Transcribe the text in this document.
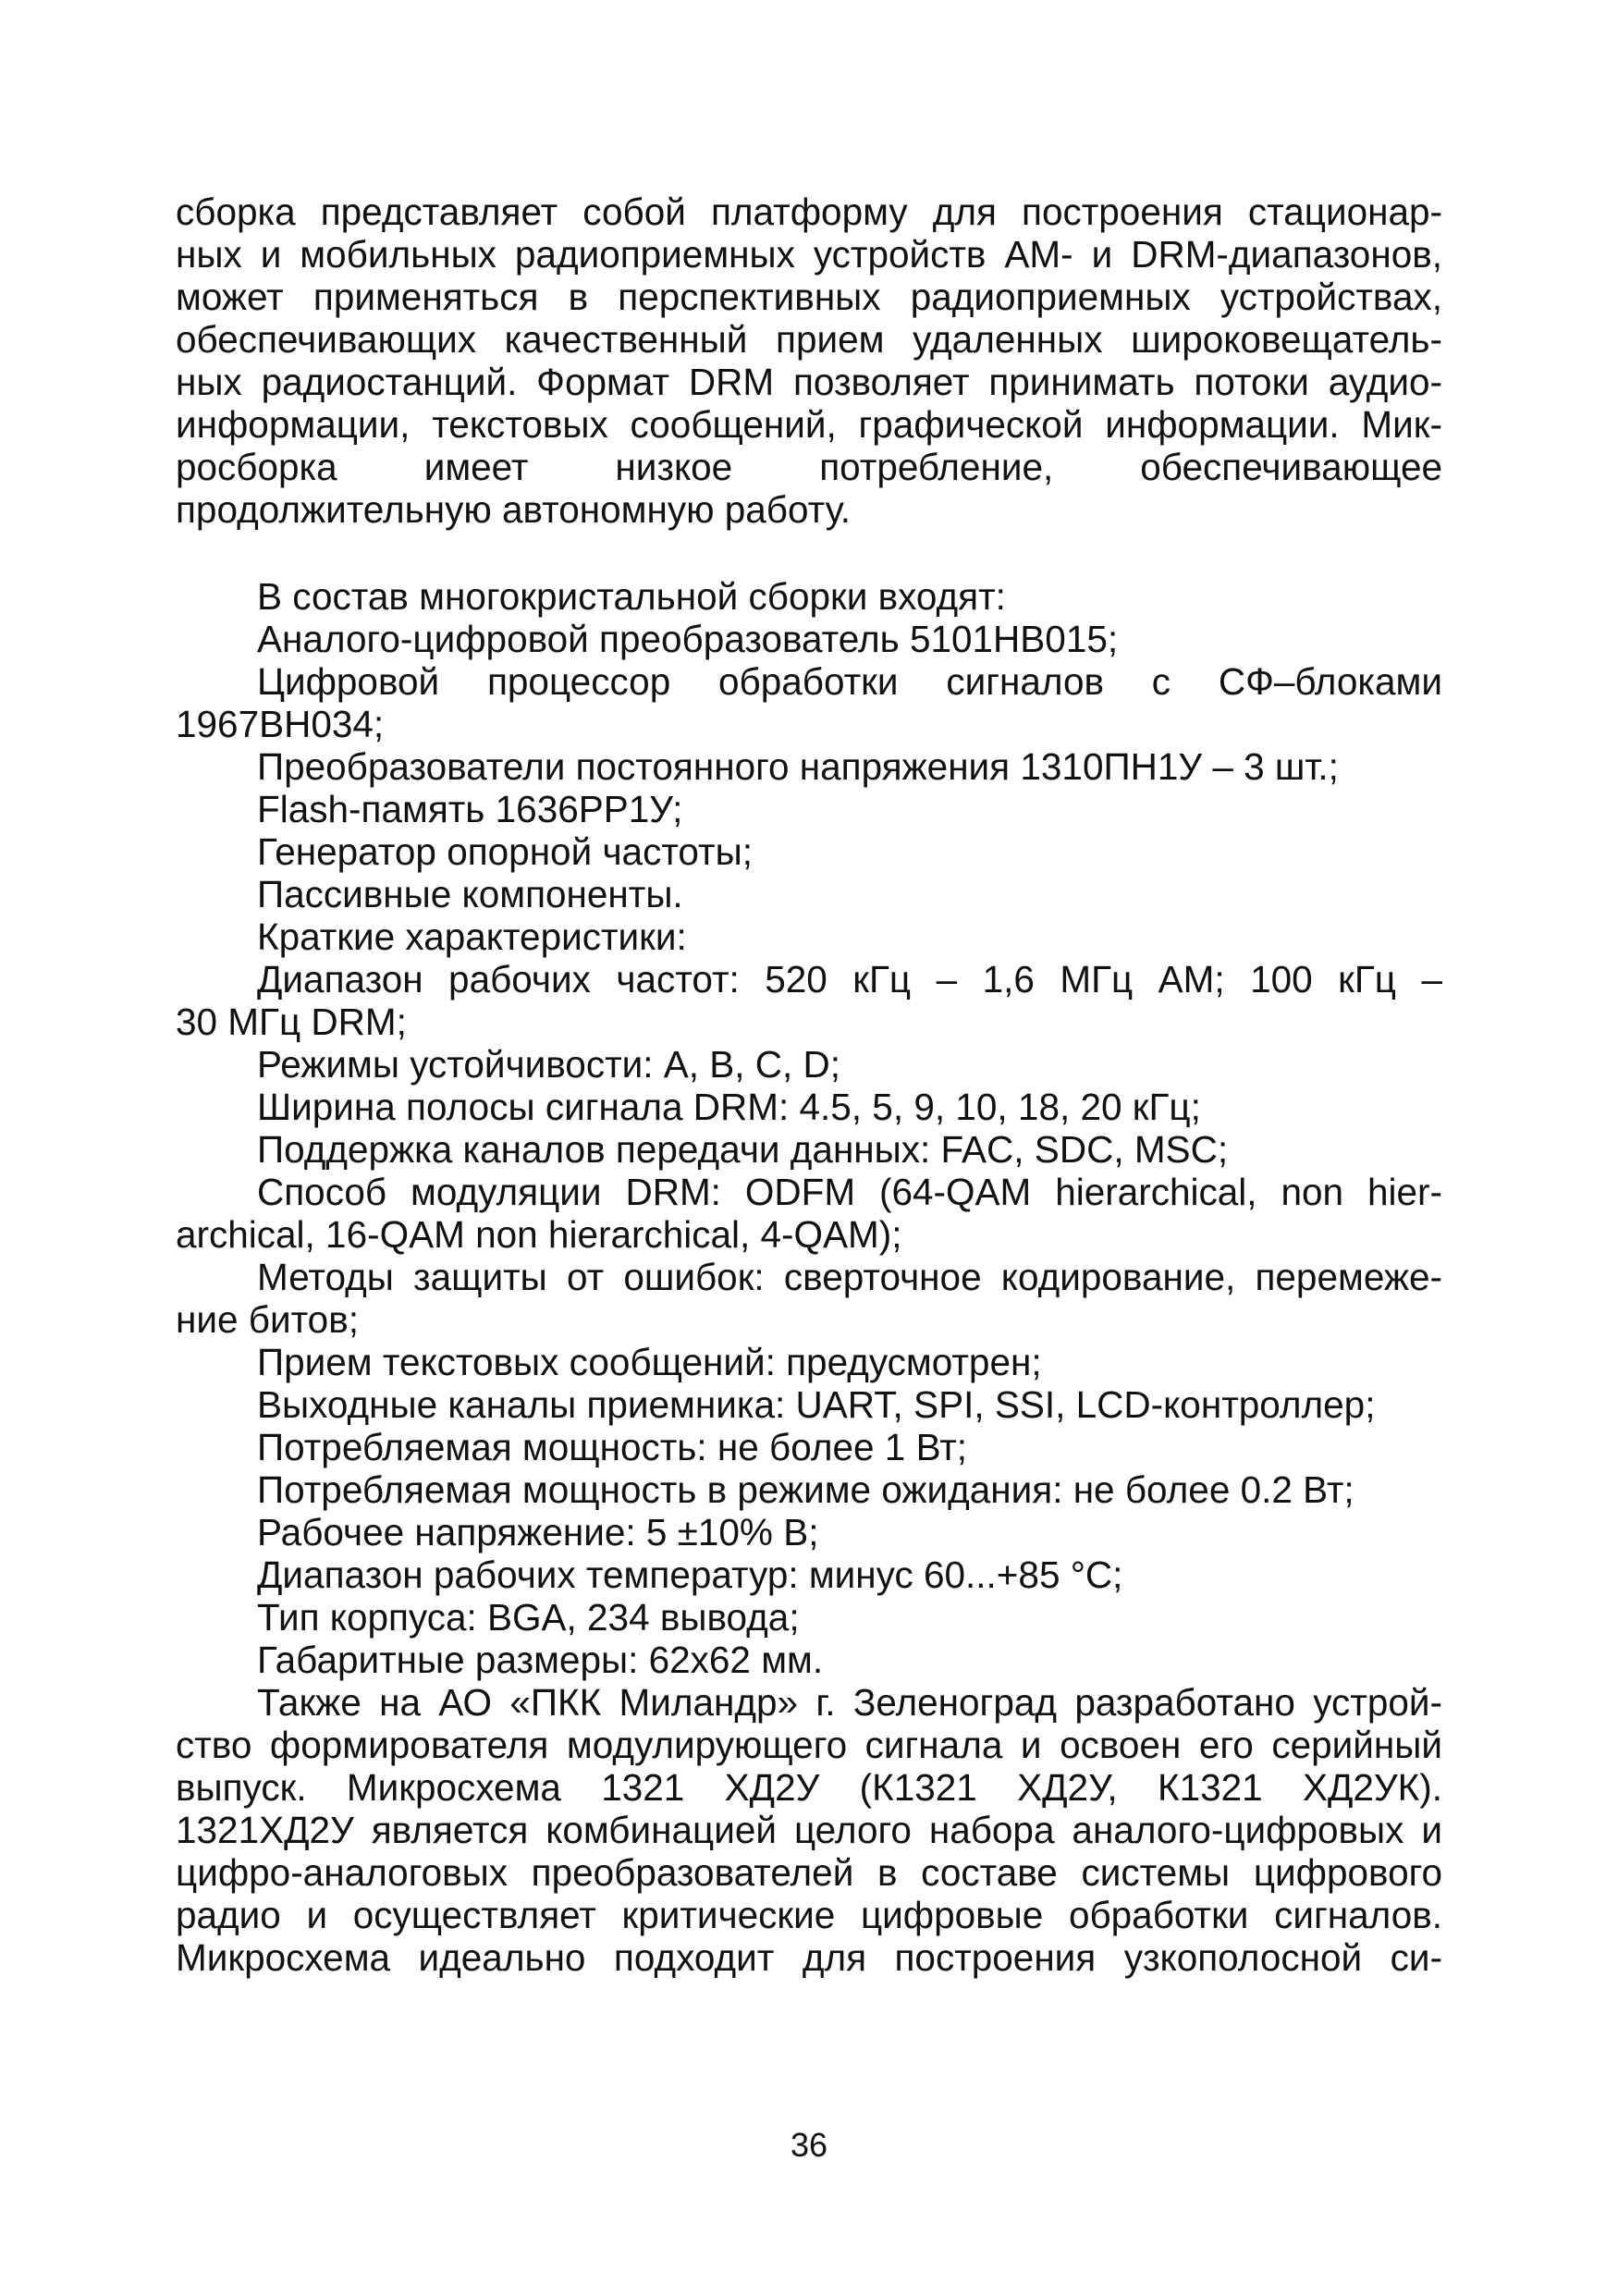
сборка представляет собой платформу для построения стационар-
ных и мобильных радиоприемных устройств АМ- и DRM-диапазонов,
может применяться в перспективных радиоприемных устройствах,
обеспечивающих качественный прием удаленных широковещатель-
ных радиостанций. Формат DRM позволяет принимать потоки аудио-
информации, текстовых сообщений, графической информации. Мик-
росборка имеет низкое потребление, обеспечивающее
продолжительную автономную работу.
В состав многокристальной сборки входят:
Аналого-цифровой преобразователь 5101НВ015;
Цифровой процессор обработки сигналов с СФ–блоками
1967ВН034;
Преобразователи постоянного напряжения 1310ПН1У – 3 шт.;
Flash-память 1636РР1У;
Генератор опорной частоты;
Пассивные компоненты.
Краткие характеристики:
Диапазон рабочих частот: 520 кГц – 1,6 МГц АМ; 100 кГц –
30 МГц DRM;
Режимы устойчивости: A, B, C, D;
Ширина полосы сигнала DRM: 4.5, 5, 9, 10, 18, 20 кГц;
Поддержка каналов передачи данных: FAC, SDC, MSC;
Способ модуляции DRM: ODFM (64-QAM hierarchical, non hier-
archical, 16-QAM non hierarchical, 4-QAM);
Методы защиты от ошибок: сверточное кодирование, перемеже-
ние битов;
Прием текстовых сообщений: предусмотрен;
Выходные каналы приемника: UART, SPI, SSI, LCD-контроллер;
Потребляемая мощность: не более 1 Вт;
Потребляемая мощность в режиме ожидания: не более 0.2 Вт;
Рабочее напряжение: 5 ±10% В;
Диапазон рабочих температур: минус 60...+85 °С;
Тип корпуса: BGA, 234 вывода;
Габаритные размеры: 62х62 мм.
Также на АО «ПКК Миландр» г. Зеленоград разработано устрой-
ство формирователя модулирующего сигнала и освоен его серийный
выпуск. Микросхема 1321 ХД2У (К1321 ХД2У, К1321 ХД2УК).
1321ХД2У является комбинацией целого набора аналого-цифровых и
цифро-аналоговых преобразователей в составе системы цифрового
радио и осуществляет критические цифровые обработки сигналов.
Микросхема идеально подходит для построения узкополосной си-
36
